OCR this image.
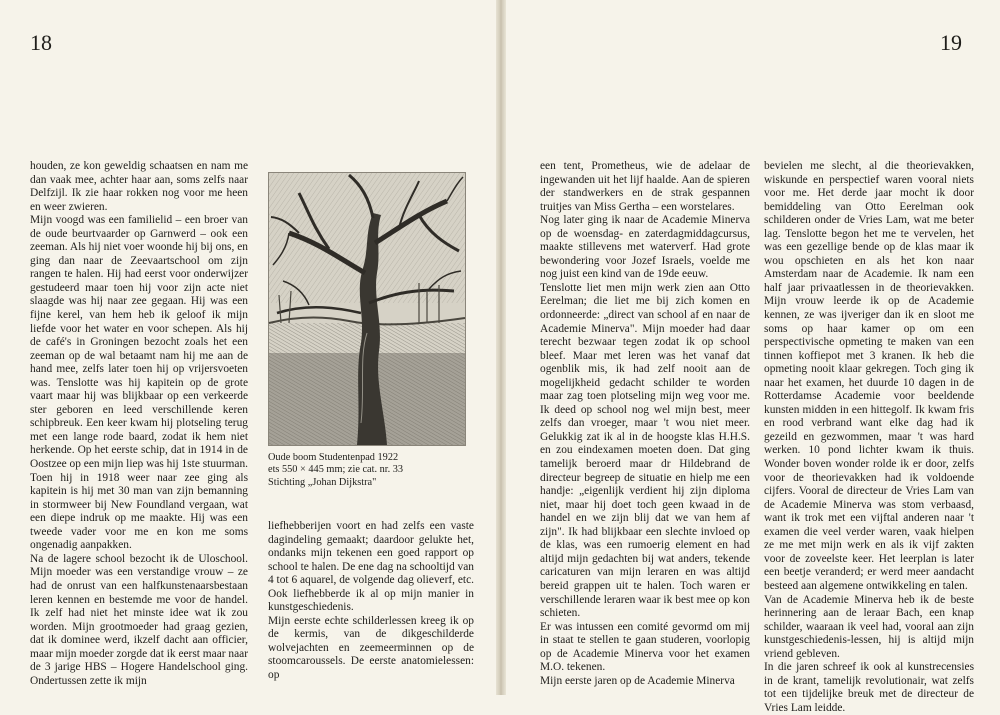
18	19

houden, ze kon geweldig schaatsen en nam me dan vaak mee, achter haar aan, soms zelfs naar Delfzijl. Ik zie haar rokken nog voor me heen en weer zwieren.

Mijn voogd was een familielid – een broer van de oude beurtvaarder op Garnwerd – ook een zeeman. Als hij niet voer woonde hij bij ons, en ging dan naar de Zeevaartschool om zijn rangen te halen. Hij had eerst voor onderwijzer gestudeerd maar toen hij voor zijn acte niet slaagde was hij naar zee gegaan. Hij was een fijne kerel, van hem heb ik geloof ik mijn liefde voor het water en voor schepen. Als hij de café's in Groningen bezocht zoals het een zeeman op de wal betaamt nam hij me aan de hand mee, zelfs later toen hij op vrijersvoeten was. Tenslotte was hij kapitein op de grote vaart maar hij was blijkbaar op een verkeerde ster geboren en leed verschillende keren schipbreuk. Een keer kwam hij plotseling terug met een lange rode baard, zodat ik hem niet herkende. Op het eerste schip, dat in 1914 in de Oostzee op een mijn liep was hij 1ste stuurman. Toen hij in 1918 weer naar zee ging als kapitein is hij met 30 man van zijn bemanning in stormweer bij New Foundland vergaan, wat een diepe indruk op me maakte. Hij was een tweede vader voor me en kon me soms ongenadig aanpakken.

Na de lagere school bezocht ik de Uloschool. Mijn moeder was een verstandige vrouw – ze had de onrust van een halfkunstenaarsbestaan leren kennen en bestemde me voor de handel. Ik zelf had niet het minste idee wat ik zou worden. Mijn grootmoeder had graag gezien, dat ik dominee werd, ikzelf dacht aan officier, maar mijn moeder zorgde dat ik eerst maar naar de 3 jarige HBS – Hogere Handelschool ging. Ondertussen zette ik mijn

Oude boom Studentenpad 1922
ets 550 × 445 mm; zie cat. nr. 33
Stichting „Johan Dijkstra"

liefhebberijen voort en had zelfs een vaste dagindeling gemaakt; daardoor gelukte het, ondanks mijn tekenen een goed rapport op school te halen. De ene dag na schooltijd van 4 tot 6 aquarel, de volgende dag olieverf, etc. Ook liefhebberde ik al op mijn manier in kunstgeschiedenis.

Mijn eerste echte schilderlessen kreeg ik op de kermis, van de dikgeschilderde wolvejachten en zeemeerminnen op de stoomcaroussels. De eerste anatomielessen: op

een tent, Prometheus, wie de adelaar de ingewanden uit het lijf haalde. Aan de spieren der standwerkers en de strak gespannen truitjes van Miss Gertha – een worstelares.

Nog later ging ik naar de Academie Minerva op de woensdag- en zaterdagmiddagcursus, maakte stillevens met waterverf. Had grote bewondering voor Jozef Israels, voelde me nog juist een kind van de 19de eeuw.

Tenslotte liet men mijn werk zien aan Otto Eerelman; die liet me bij zich komen en ordonneerde: „direct van school af en naar de Academie Minerva". Mijn moeder had daar terecht bezwaar tegen zodat ik op school bleef. Maar met leren was het vanaf dat ogenblik mis, ik had zelf nooit aan de mogelijkheid gedacht schilder te worden maar zag toen plotseling mijn weg voor me. Ik deed op school nog wel mijn best, meer zelfs dan vroeger, maar 't wou niet meer. Gelukkig zat ik al in de hoogste klas H.H.S. en zou eindexamen moeten doen. Dat ging tamelijk beroerd maar dr Hildebrand de directeur begreep de situatie en hielp me een handje: „eigenlijk verdient hij zijn diploma niet, maar hij doet toch geen kwaad in de handel en we zijn blij dat we van hem af zijn". Ik had blijkbaar een slechte invloed op de klas, was een rumoerig element en had altijd mijn gedachten bij wat anders, tekende caricaturen van mijn leraren en was altijd bereid grappen uit te halen. Toch waren er verschillende leraren waar ik best mee op kon schieten.

Er was intussen een comité gevormd om mij in staat te stellen te gaan studeren, voorlopig op de Academie Minerva voor het examen M.O. tekenen.

Mijn eerste jaren op de Academie Minerva

bevielen me slecht, al die theorievakken, wiskunde en perspectief waren vooral niets voor me. Het derde jaar mocht ik door bemiddeling van Otto Eerelman ook schilderen onder de Vries Lam, wat me beter lag. Tenslotte begon het me te vervelen, het was een gezellige bende op de klas maar ik wou opschieten en als het kon naar Amsterdam naar de Academie. Ik nam een half jaar privaatlessen in de theorievakken. Mijn vrouw leerde ik op de Academie kennen, ze was ijveriger dan ik en sloot me soms op haar kamer op om een perspectivische opmeting te maken van een tinnen koffiepot met 3 kranen. Ik heb die opmeting nooit klaar gekregen. Toch ging ik naar het examen, het duurde 10 dagen in de Rotterdamse Academie voor beeldende kunsten midden in een hittegolf. Ik kwam fris en rood verbrand want elke dag had ik gezeild en gezwommen, maar 't was hard werken. 10 pond lichter kwam ik thuis. Wonder boven wonder rolde ik er door, zelfs voor de theorievakken had ik voldoende cijfers. Vooral de directeur de Vries Lam van de Academie Minerva was stom verbaasd, want ik trok met een vijftal anderen naar 't examen die veel verder waren, vaak hielpen ze me met mijn werk en als ik vijf zakten voor de zoveelste keer. Het leerplan is later een beetje veranderd; er werd meer aandacht besteed aan algemene ontwikkeling en talen.

Van de Academie Minerva heb ik de beste herinnering aan de leraar Bach, een knap schilder, waaraan ik veel had, vooral aan zijn kunstgeschiedenis-lessen, hij is altijd mijn vriend gebleven.

In die jaren schreef ik ook al kunstrecensies in de krant, tamelijk revolutionair, wat zelfs tot een tijdelijke breuk met de directeur de Vries Lam leidde.
